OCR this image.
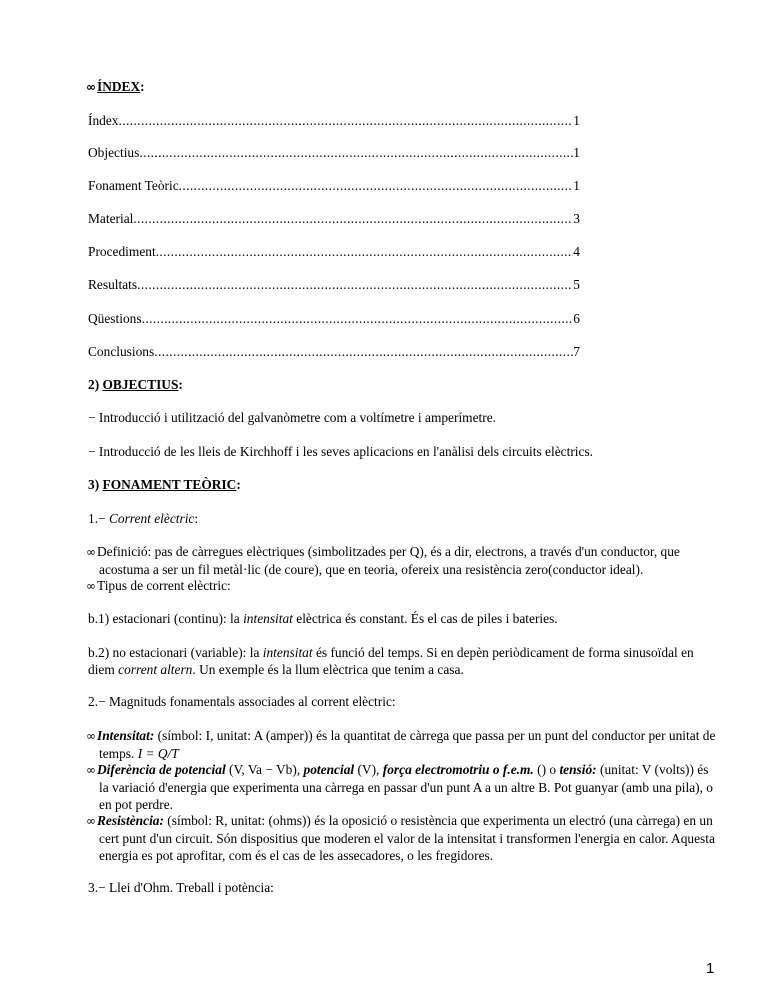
∞ÍNDEX:
Índex .....	1
Objectius .....	1
Fonament Teòric .....	1
Material .....	3
Procediment .....	4
Resultats .....	5
Qüestions .....	6
Conclusions .....	7
2) OBJECTIUS:
− Introducció i utilització del galvanòmetre com a voltímetre i amperímetre.
− Introducció de les lleis de Kirchhoff i les seves aplicacions en l'anàlisi dels circuits elèctrics.
3) FONAMENT TEÒRIC:
1.− Corrent elèctric:
∞Definició: pas de càrregues elèctriques (simbolitzades per Q), és a dir, electrons, a través d'un conductor, que acostuma a ser un fil metàl·lic (de coure), que en teoria, ofereix una resistència zero(conductor ideal).
∞Tipus de corrent elèctric:
b.1) estacionari (continu): la intensitat elèctrica és constant. És el cas de piles i bateries.
b.2) no estacionari (variable): la intensitat és funció del temps. Si en depèn periòdicament de forma sinusoïdal en diem corrent altern. Un exemple és la llum elèctrica que tenim a casa.
2.− Magnituds fonamentals associades al corrent elèctric:
∞Intensitat: (símbol: I, unitat: A (amper)) és la quantitat de càrrega que passa per un punt del conductor per unitat de temps. I = Q/T
∞Diferència de potencial (V, Va − Vb), potencial (V), força electromotriu o f.e.m. () o tensió: (unitat: V (volts)) és la variació d'energia que experimenta una càrrega en passar d'un punt A a un altre B. Pot guanyar (amb una pila), o en pot perdre.
∞Resistència: (símbol: R, unitat: (ohms)) és la oposició o resistència que experimenta un electró (una càrrega) en un cert punt d'un circuit. Són dispositius que moderen el valor de la intensitat i transformen l'energia en calor. Aquesta energia es pot aprofitar, com és el cas de les assecadores, o les fregidores.
3.− Llei d'Ohm. Treball i potència:
1
